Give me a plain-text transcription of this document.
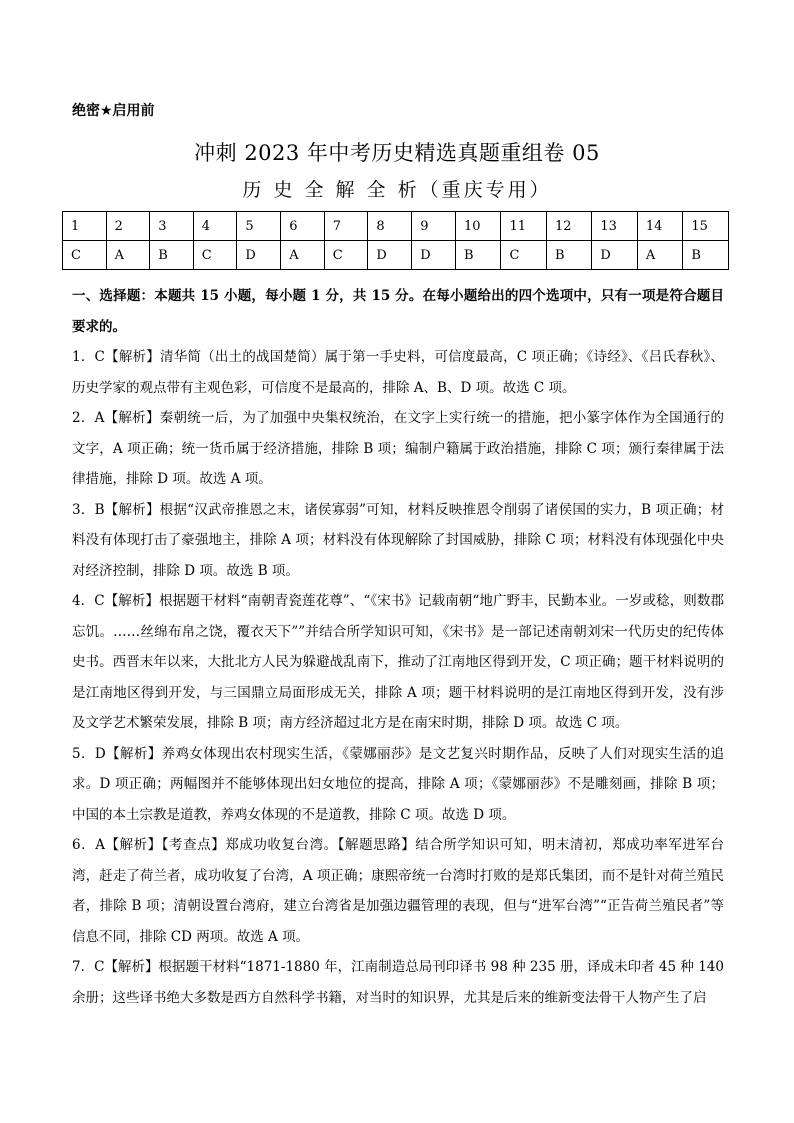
绝密★启用前
冲刺 2023 年中考历史精选真题重组卷 05
历 史 全 解 全 析（重庆专用）
1	2	3	4	5	6	7	8	9	10	11	12	13	14	15
C	A	B	C	D	A	C	D	D	B	C	B	D	A	B

一、选择题：本题共 15 小题，每小题 1 分，共 15 分。在每小题给出的四个选项中，只有一项是符合题目要求的。

1．C【解析】清华简（出土的战国楚简）属于第一手史料，可信度最高，C 项正确；《诗经》、《吕氏春秋》、历史学家的观点带有主观色彩，可信度不是最高的，排除 A、B、D 项。故选 C 项。

2．A【解析】秦朝统一后，为了加强中央集权统治，在文字上实行统一的措施，把小篆字体作为全国通行的文字，A 项正确；统一货币属于经济措施，排除 B 项；编制户籍属于政治措施，排除 C 项；颁行秦律属于法律措施，排除 D 项。故选 A 项。

3．B【解析】根据“汉武帝推恩之末，诸侯寡弱”可知，材料反映推恩令削弱了诸侯国的实力，B 项正确；材料没有体现打击了豪强地主，排除 A 项；材料没有体现解除了封国威胁，排除 C 项；材料没有体现强化中央对经济控制，排除 D 项。故选 B 项。

4．C【解析】根据题干材料“南朝青瓷莲花尊”、“《宋书》记载南朝“地广野丰，民勤本业。一岁或稔，则数郡忘饥。……丝绵布帛之饶，覆衣天下””并结合所学知识可知，《宋书》是一部记述南朝刘宋一代历史的纪传体史书。西晋末年以来，大批北方人民为躲避战乱南下，推动了江南地区得到开发，C 项正确；题干材料说明的是江南地区得到开发，与三国鼎立局面形成无关，排除 A 项；题干材料说明的是江南地区得到开发，没有涉及文学艺术繁荣发展，排除 B 项；南方经济超过北方是在南宋时期，排除 D 项。故选 C 项。

5．D【解析】养鸡女体现出农村现实生活，《蒙娜丽莎》是文艺复兴时期作品，反映了人们对现实生活的追求。D 项正确；两幅图并不能够体现出妇女地位的提高，排除 A 项；《蒙娜丽莎》不是雕刻画，排除 B 项；中国的本土宗教是道教，养鸡女体现的不是道教，排除 C 项。故选 D 项。

6．A【解析】【考查点】郑成功收复台湾。【解题思路】结合所学知识可知，明末清初，郑成功率军进军台湾，赶走了荷兰者，成功收复了台湾，A 项正确；康熙帝统一台湾时打败的是郑氏集团，而不是针对荷兰殖民者，排除 B 项；清朝设置台湾府，建立台湾省是加强边疆管理的表现，但与“进军台湾”“正告荷兰殖民者”等信息不同，排除 CD 两项。故选 A 项。

7．C【解析】根据题干材料“1871-1880 年，江南制造总局刊印译书 98 种 235 册，译成未印者 45 种 140 余册；这些译书绝大多数是西方自然科学书籍，对当时的知识界，尤其是后来的维新变法骨干人物产生了启
